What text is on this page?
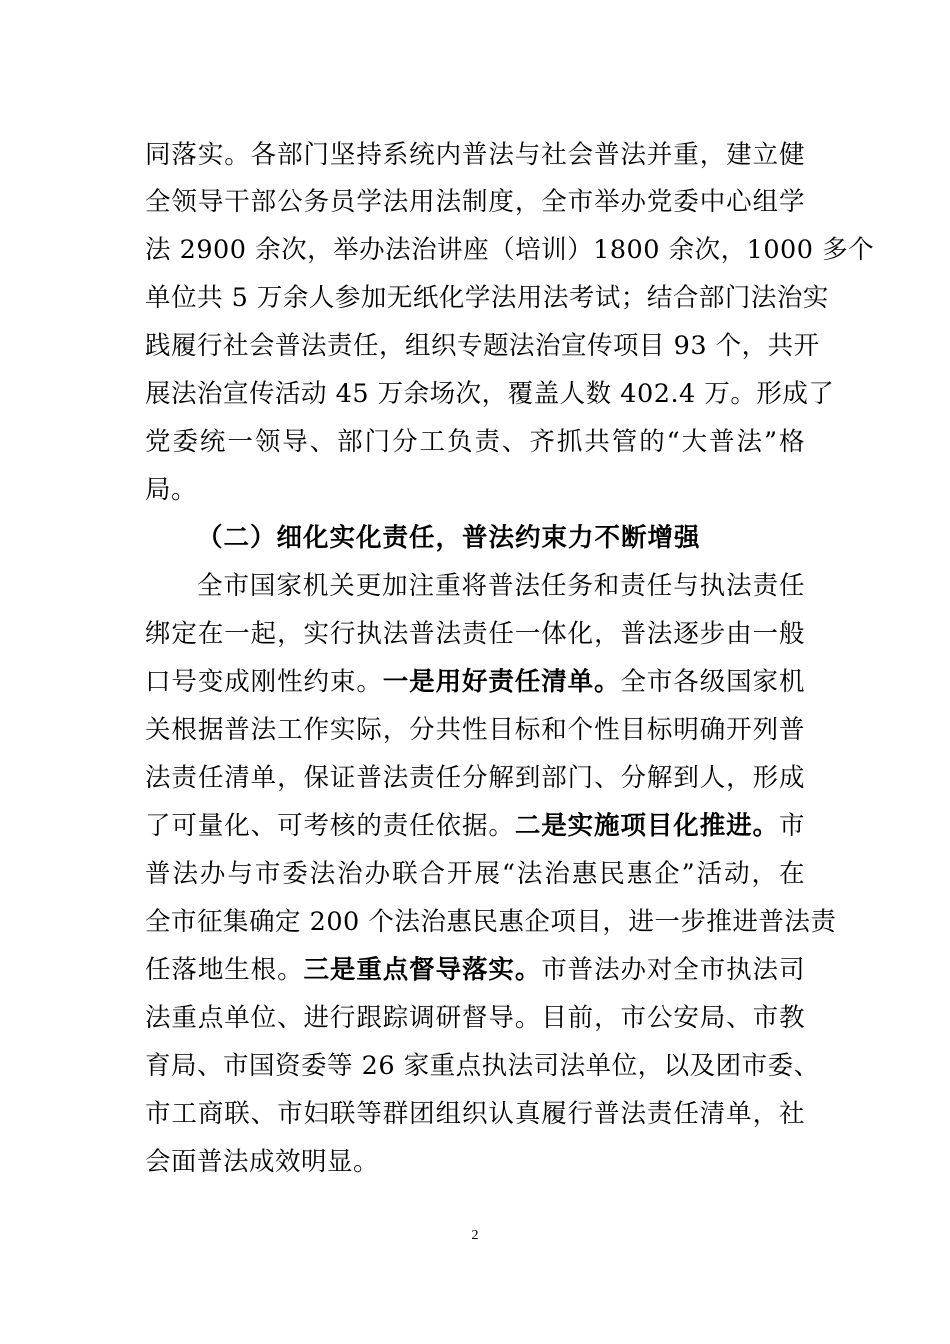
同落实。各部门坚持系统内普法与社会普法并重，建立健
全领导干部公务员学法用法制度，全市举办党委中心组学
法 2900 余次，举办法治讲座（培训）1800 余次，1000 多个
单位共 5 万余人参加无纸化学法用法考试；结合部门法治实
践履行社会普法责任，组织专题法治宣传项目 93 个，共开
展法治宣传活动 45 万余场次，覆盖人数 402.4 万。形成了
党委统一领导、部门分工负责、齐抓共管的“大普法”格
局。
（二）细化实化责任，普法约束力不断增强
全市国家机关更加注重将普法任务和责任与执法责任
绑定在一起，实行执法普法责任一体化，普法逐步由一般
口号变成刚性约束。一是用好责任清单。全市各级国家机
关根据普法工作实际，分共性目标和个性目标明确开列普
法责任清单，保证普法责任分解到部门、分解到人，形成
了可量化、可考核的责任依据。二是实施项目化推进。市
普法办与市委法治办联合开展“法治惠民惠企”活动，在
全市征集确定 200 个法治惠民惠企项目，进一步推进普法责
任落地生根。三是重点督导落实。市普法办对全市执法司
法重点单位、进行跟踪调研督导。目前，市公安局、市教
育局、市国资委等 26 家重点执法司法单位，以及团市委、
市工商联、市妇联等群团组织认真履行普法责任清单，社
会面普法成效明显。
2
